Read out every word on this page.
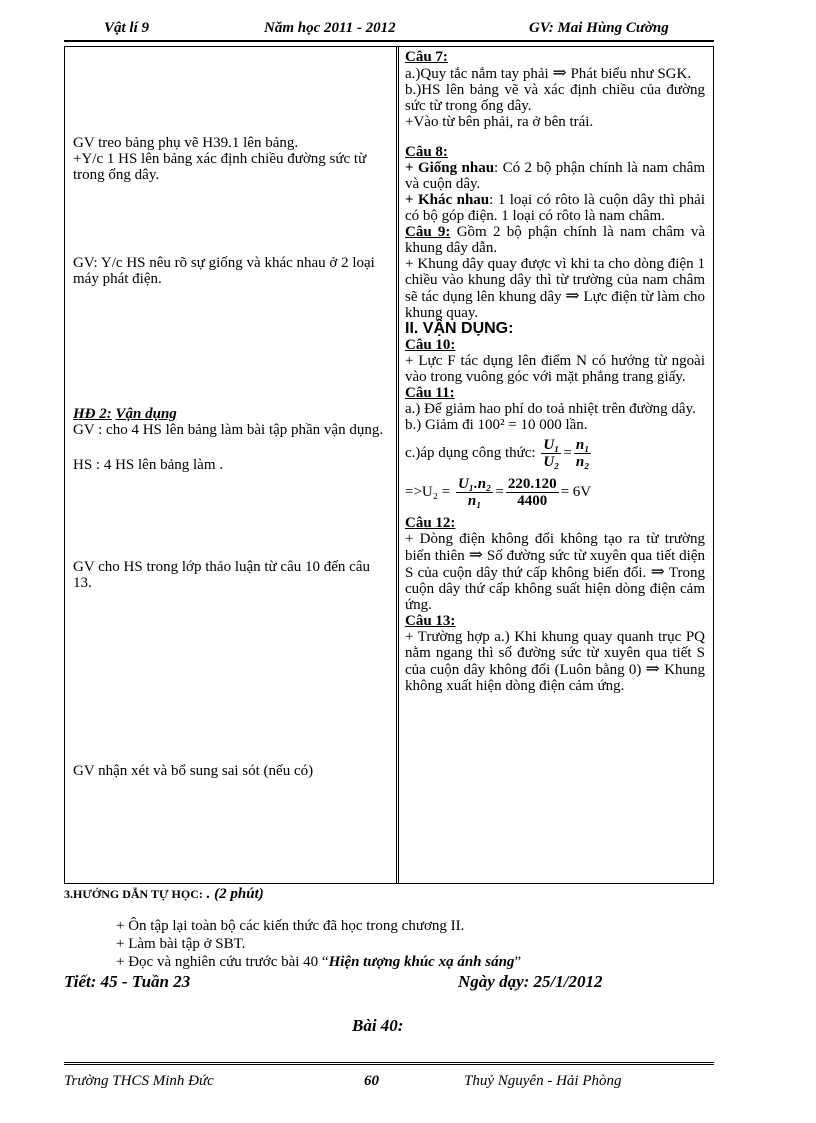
Vật lí 9	Năm học 2011 - 2012	GV: Mai Hùng Cường
GV treo bảng phụ vẽ H39.1 lên bảng.
+Y/c 1 HS lên bảng xác định chiều đường sức từ trong ống dây.
GV: Y/c HS nêu rõ sự giống và khác nhau ở 2 loại máy phát điện.
HĐ 2: Vận dụng
GV : cho 4 HS lên bảng làm bài tập phần vận dụng.
HS : 4 HS lên bảng làm .
GV cho HS trong lớp thảo luận từ câu 10 đến câu 13.
GV nhận xét và bổ sung sai sót (nếu có)

Câu 7:

a.)Quy tắc nắm tay phải ⇒ Phát biểu như SGK.

b.)HS lên bảng vẽ và xác định chiều của đường sức từ trong ống dây.

+Vào từ bên phải, ra ở bên trái.

Câu 8:

+ Giống nhau: Có 2 bộ phận chính là nam châm và cuộn dây.

+ Khác nhau: 1 loại có rôto là cuộn dây thì phải có bộ góp điện. 1 loại có rôto là nam châm.

Câu 9: Gồm 2 bộ phận chính là nam châm và khung dây dẫn.

+ Khung dây quay được vì khi ta cho dòng điện 1 chiều vào khung dây thì từ trường của nam châm sẽ tác dụng lên khung dây ⇒ Lực điện từ làm cho khung quay.

II. VẬN DỤNG:

Câu 10:

+ Lực F tác dụng lên điểm N có hướng từ ngoài vào trong vuông góc với mặt phẳng trang giấy.

Câu 11:

a.) Để giảm hao phí do toả nhiệt trên đường dây.

b.) Giảm đi 100² = 10 000 lần.

c.)áp dụng công thức: $\frac{\text{U₁}}{\text{U₂}} = \frac{\text{n₁}}{\text{n₂}}$

$=>U_2 = \frac{\text{U₁.n₂}}{\text{n₁}} = \frac{220.120}{4400} = 6V$

Câu 12:

+ Dòng điện không đổi không tạo ra từ trường biến thiên ⇒ Số đường sức từ xuyên qua tiết diện S của cuộn dây thứ cấp không biến đổi. ⇒ Trong cuộn dây thứ cấp không suất hiện dòng điện cảm ứng.

Câu 13:

+ Trường hợp a.) Khi khung quay quanh trục PQ nằm ngang thì số đường sức từ xuyên qua tiết S của cuộn dây không đổi (Luôn bằng 0) ⇒ Khung không xuất hiện dòng điện cảm ứng.

3.HƯỚNG DẪN TỰ HỌC: . (2 phút)
+ Ôn tập lại toàn bộ các kiến thức đã học trong chương II.
+ Làm bài tập ở SBT.
+ Đọc và nghiên cứu trước bài 40 “Hiện tượng khúc xạ ánh sáng”
Tiết: 45 - Tuần 23	Ngày dạy: 25/1/2012
Bài 40:
Trường THCS Minh Đức	60	Thuỷ Nguyên - Hải Phòng
